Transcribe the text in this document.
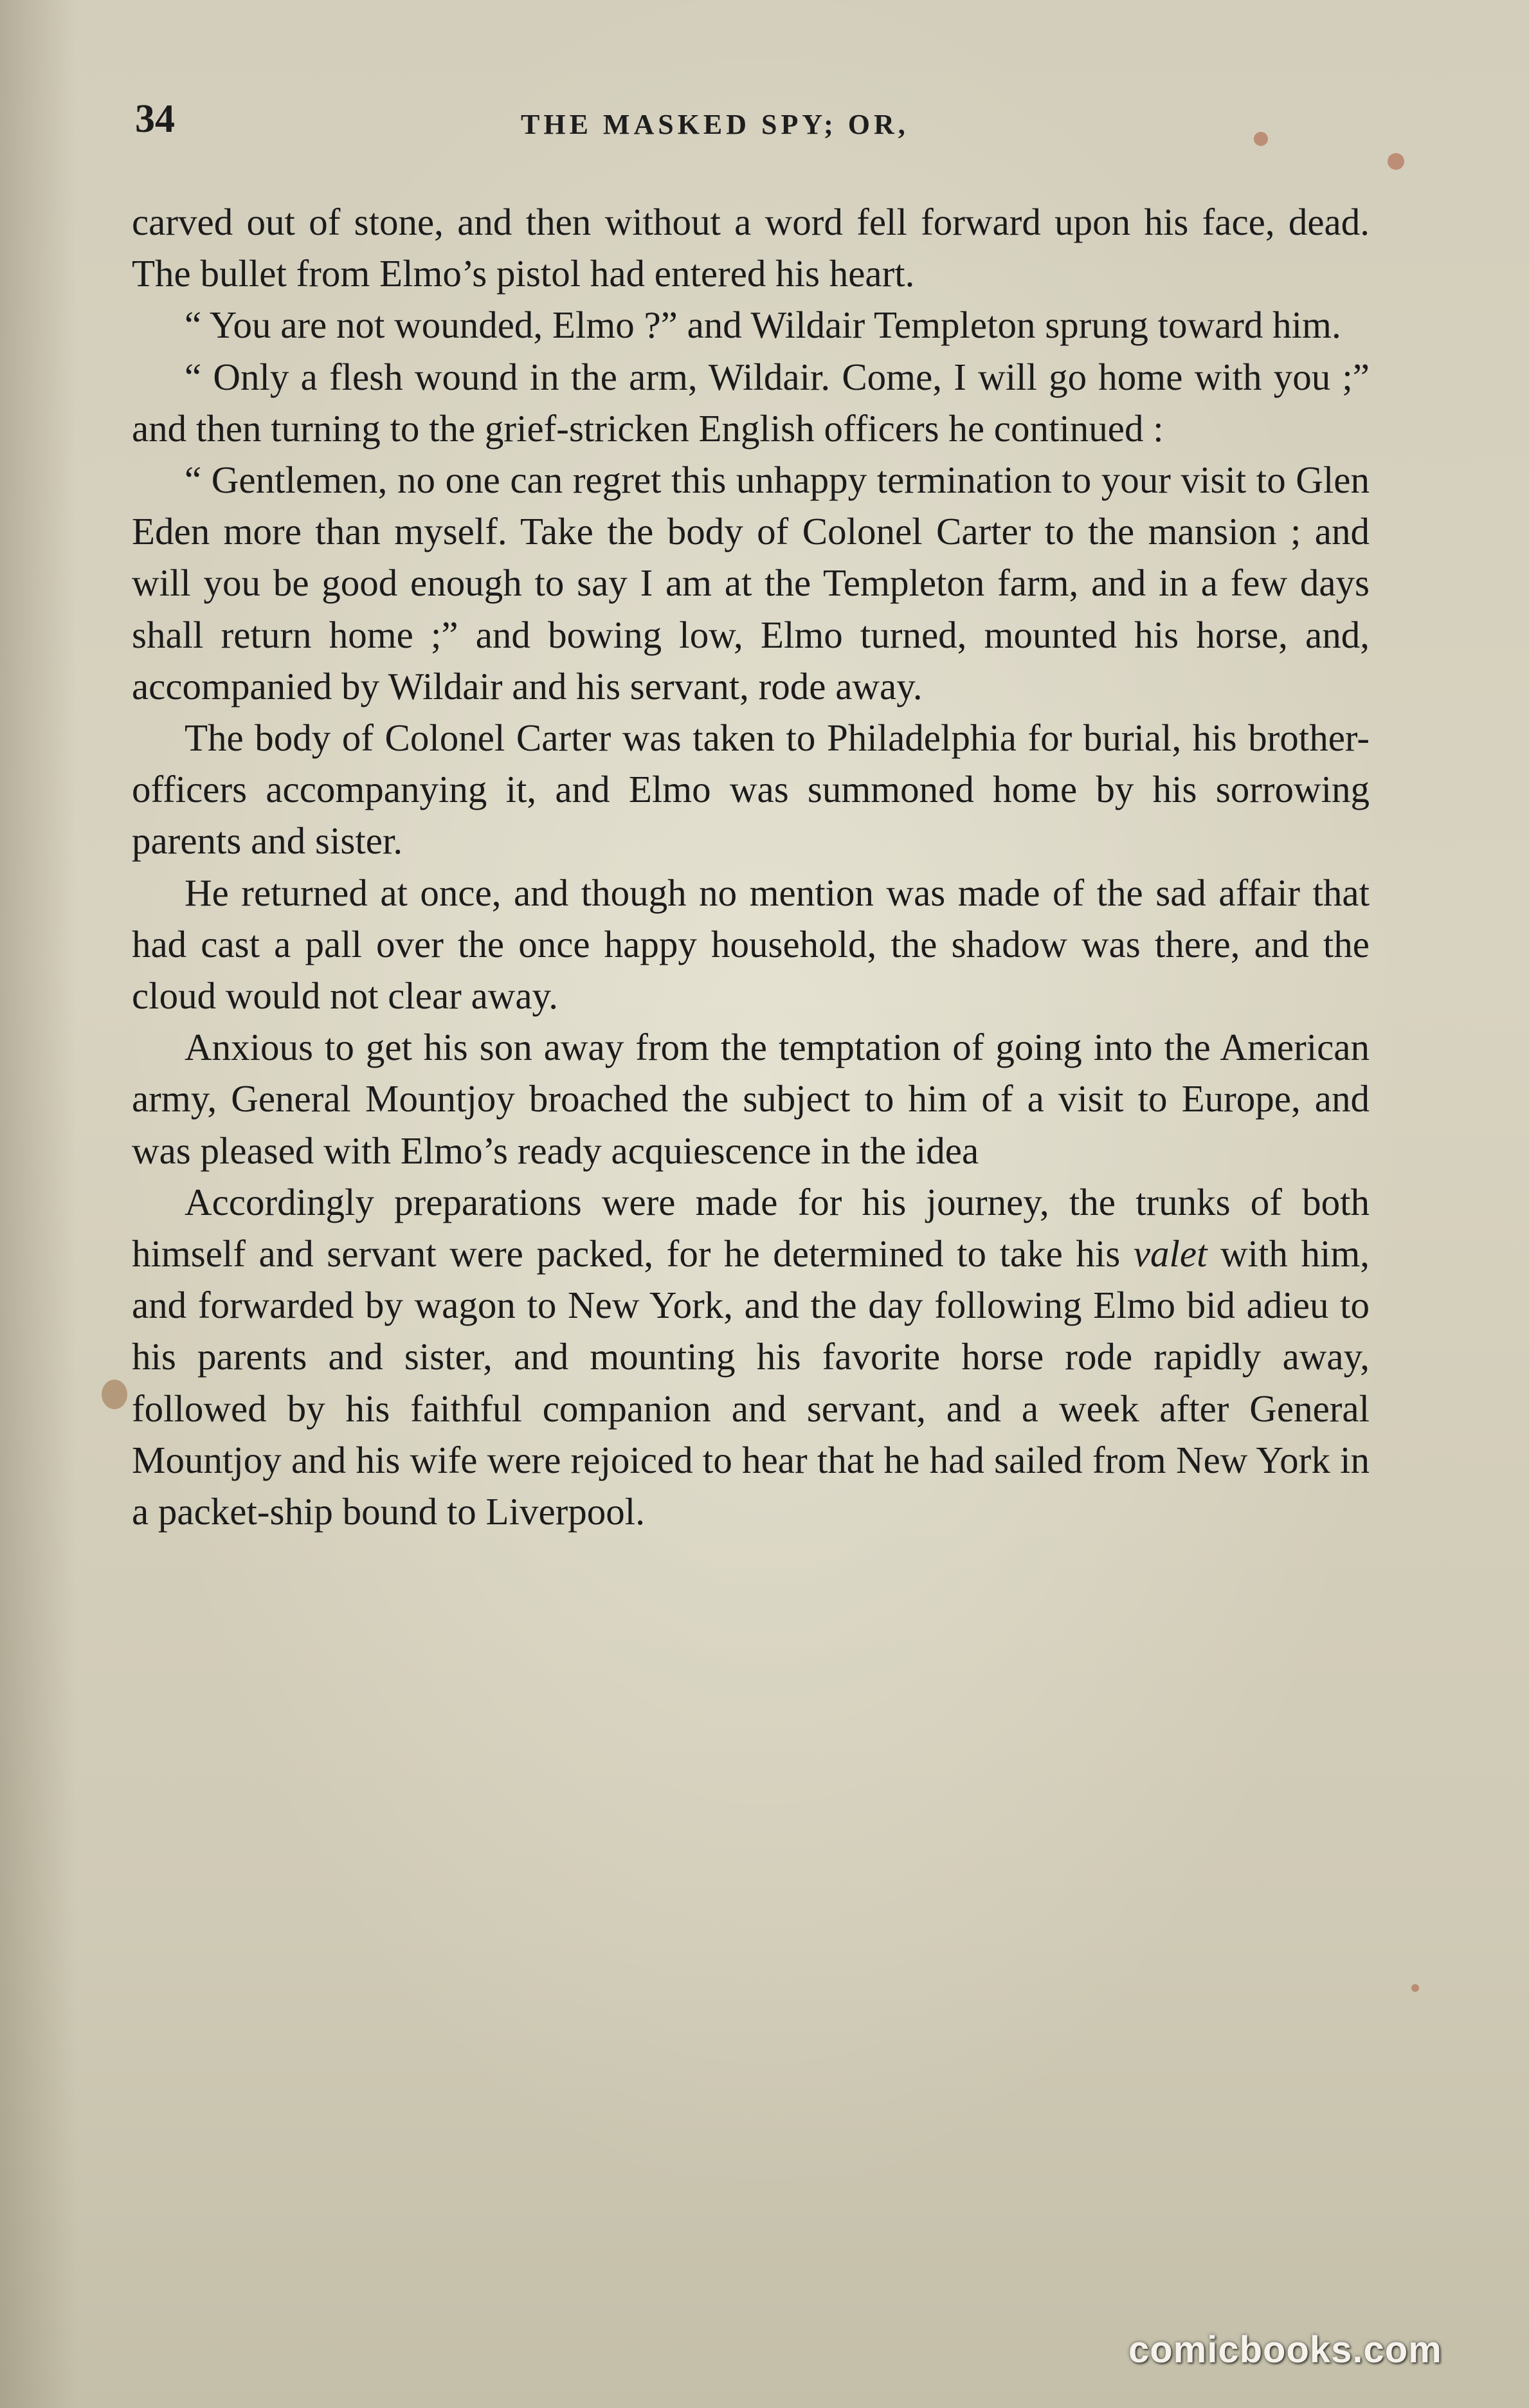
34	THE MASKED SPY; OR,

carved out of stone, and then without a word fell forward upon his face, dead. The bullet from Elmo’s pistol had entered his heart.

“ You are not wounded, Elmo ?” and Wildair Templeton sprung toward him.

“ Only a flesh wound in the arm, Wildair. Come, I will go home with you ;” and then turning to the grief-stricken English officers he continued :

“ Gentlemen, no one can regret this unhappy termination to your visit to Glen Eden more than myself. Take the body of Colonel Carter to the mansion ; and will you be good enough to say I am at the Templeton farm, and in a few days shall return home ;” and bowing low, Elmo turned, mounted his horse, and, accompanied by Wildair and his servant, rode away.

The body of Colonel Carter was taken to Philadelphia for burial, his brother-officers accompanying it, and Elmo was summoned home by his sorrowing parents and sister.

He returned at once, and though no mention was made of the sad affair that had cast a pall over the once happy household, the shadow was there, and the cloud would not clear away.

Anxious to get his son away from the temptation of going into the American army, General Mountjoy broached the subject to him of a visit to Europe, and was pleased with Elmo’s ready acquiescence in the idea

Accordingly preparations were made for his journey, the trunks of both himself and servant were packed, for he determined to take his valet with him, and forwarded by wagon to New York, and the day following Elmo bid adieu to his parents and sister, and mounting his favorite horse rode rapidly away, followed by his faithful companion and servant, and a week after General Mountjoy and his wife were rejoiced to hear that he had sailed from New York in a packet-ship bound to Liverpool.

comicbooks.com
